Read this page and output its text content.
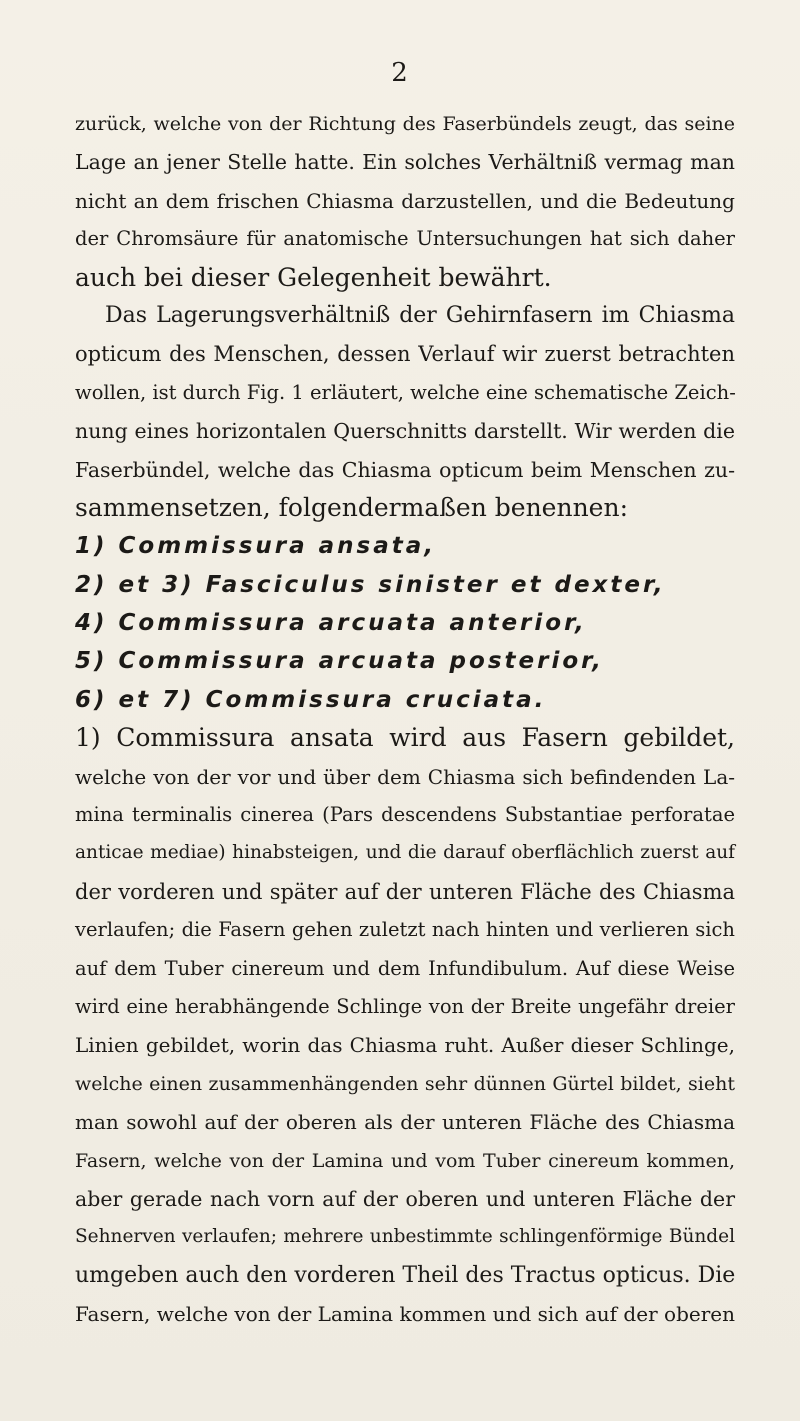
2
zurück, welche von der Richtung des Faserbündels zeugt, das seine
Lage an jener Stelle hatte. Ein solches Verhältniß vermag man
nicht an dem frischen Chiasma darzustellen, und die Bedeutung
der Chromsäure für anatomische Untersuchungen hat sich daher
auch bei dieser Gelegenheit bewährt.
Das Lagerungsverhältniß der Gehirnfasern im Chiasma
opticum des Menschen, dessen Verlauf wir zuerst betrachten
wollen, ist durch Fig. 1 erläutert, welche eine schematische Zeich-
nung eines horizontalen Querschnitts darstellt. Wir werden die
Faserbündel, welche das Chiasma opticum beim Menschen zu-
sammensetzen, folgendermaßen benennen:
1) Commissura ansata,
2) et 3) Fasciculus sinister et dexter,
4) Commissura arcuata anterior,
5) Commissura arcuata posterior,
6) et 7) Commissura cruciata.
1) Commissura ansata wird aus Fasern gebildet,
welche von der vor und über dem Chiasma sich befindenden La-
mina terminalis cinerea (Pars descendens Substantiae perforatae
anticae mediae) hinabsteigen, und die darauf oberflächlich zuerst auf
der vorderen und später auf der unteren Fläche des Chiasma
verlaufen; die Fasern gehen zuletzt nach hinten und verlieren sich
auf dem Tuber cinereum und dem Infundibulum. Auf diese Weise
wird eine herabhängende Schlinge von der Breite ungefähr dreier
Linien gebildet, worin das Chiasma ruht. Außer dieser Schlinge,
welche einen zusammenhängenden sehr dünnen Gürtel bildet, sieht
man sowohl auf der oberen als der unteren Fläche des Chiasma
Fasern, welche von der Lamina und vom Tuber cinereum kommen,
aber gerade nach vorn auf der oberen und unteren Fläche der
Sehnerven verlaufen; mehrere unbestimmte schlingenförmige Bündel
umgeben auch den vorderen Theil des Tractus opticus. Die
Fasern, welche von der Lamina kommen und sich auf der oberen
